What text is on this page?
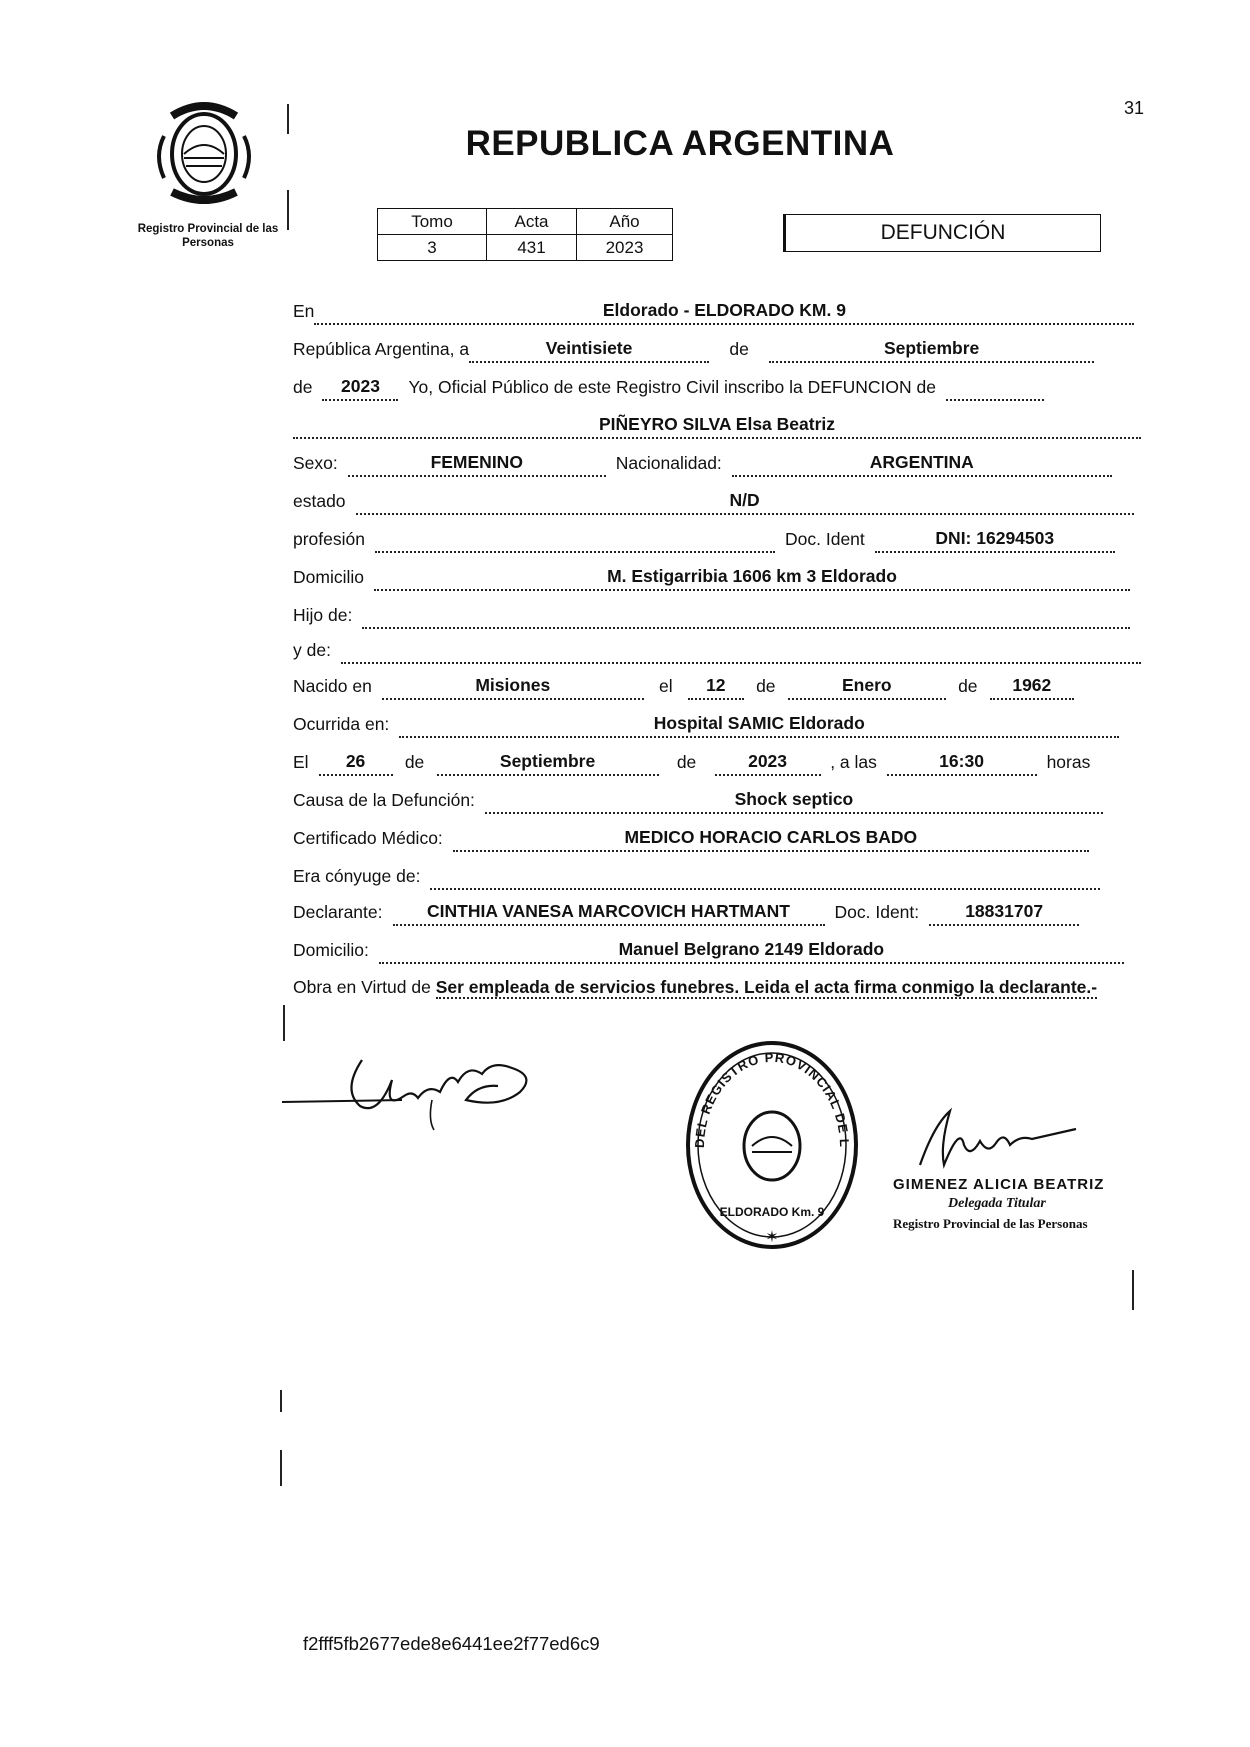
31
Registro Provincial de las Personas
REPUBLICA ARGENTINA
Tomo	Acta	Año
3	431	2023
DEFUNCIÓN
En	Eldorado - ELDORADO KM. 9
República Argentina, a	Veintisiete	de	Septiembre
de	2023	Yo, Oficial Público de este Registro Civil inscribo la DEFUNCION de
PIÑEYRO SILVA Elsa Beatriz
Sexo:	FEMENINO	Nacionalidad:	ARGENTINA
estado	N/D
profesión	Doc. Ident	DNI: 16294503
Domicilio	M. Estigarribia 1606 km 3 Eldorado
Hijo de:
y de:
Nacido en	Misiones	el	12	de	Enero	de	1962
Ocurrida en:	Hospital SAMIC Eldorado
El	26	de	Septiembre	de	2023	, a las	16:30	horas
Causa de la Defunción:	Shock septico
Certificado Médico:	MEDICO HORACIO CARLOS BADO
Era cónyuge de:
Declarante:	CINTHIA VANESA MARCOVICH HARTMANT	Doc. Ident:	18831707
Domicilio:	Manuel Belgrano 2149 Eldorado
Obra en Virtud de Ser empleada de servicios funebres. Leida el acta firma conmigo la declarante.-
DEL REGISTRO PROVINCIAL DE LAS PERSONAS
ELDORADO Km. 9
✶
GIMENEZ ALICIA BEATRIZ
Delegada Titular
Registro Provincial de las Personas
f2fff5fb2677ede8e6441ee2f77ed6c9
